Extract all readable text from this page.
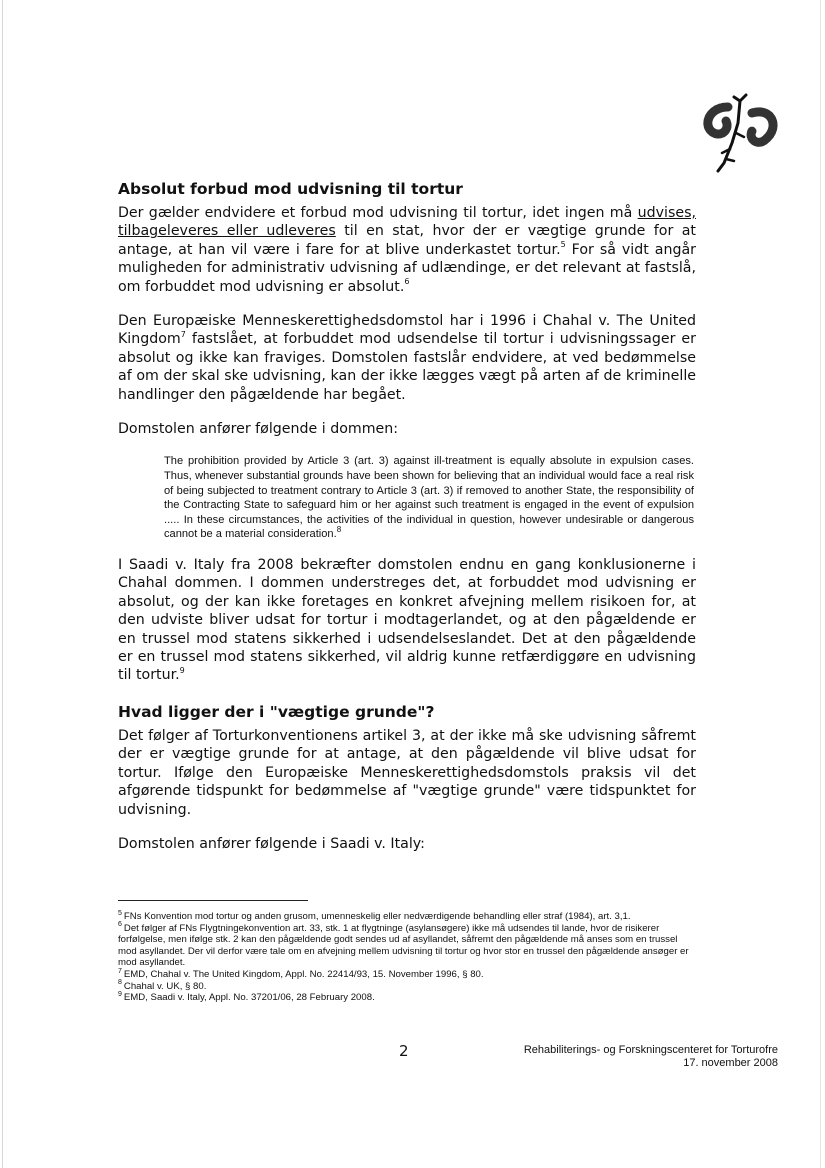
Absolut forbud mod udvisning til tortur

Der gælder endvidere et forbud mod udvisning til tortur, idet ingen må udvises, tilbageleveres eller udleveres til en stat, hvor der er vægtige grunde for at antage, at han vil være i fare for at blive underkastet tortur.$^5$ For så vidt angår muligheden for administrativ udvisning af udlændinge, er det relevant at fastslå, om forbuddet mod udvisning er absolut.$^6$

Den Europæiske Menneskerettighedsdomstol har i 1996 i Chahal v. The United Kingdom$^7$ fastslået, at forbuddet mod udsendelse til tortur i udvisningssager er absolut og ikke kan fraviges. Domstolen fastslår endvidere, at ved bedømmelse af om der skal ske udvisning, kan der ikke lægges vægt på arten af de kriminelle handlinger den pågældende har begået.

Domstolen anfører følgende i dommen:

The prohibition provided by Article 3 (art. 3) against ill-treatment is equally absolute in expulsion cases. Thus, whenever substantial grounds have been shown for believing that an individual would face a real risk of being subjected to treatment contrary to Article 3 (art. 3) if removed to another State, the responsibility of the Contracting State to safeguard him or her against such treatment is engaged in the event of expulsion ..... In these circumstances, the activities of the individual in question, however undesirable or dangerous cannot be a material consideration.$^8$

I Saadi v. Italy fra 2008 bekræfter domstolen endnu en gang konklusionerne i Chahal dommen. I dommen understreges det, at forbuddet mod udvisning er absolut, og der kan ikke foretages en konkret afvejning mellem risikoen for, at den udviste bliver udsat for tortur i modtagerlandet, og at den pågældende er en trussel mod statens sikkerhed i udsendelseslandet. Det at den pågældende er en trussel mod statens sikkerhed, vil aldrig kunne retfærdiggøre en udvisning til tortur.$^9$

Hvad ligger der i "vægtige grunde"?

Det følger af Torturkonventionens artikel 3, at der ikke må ske udvisning såfremt der er vægtige grunde for at antage, at den pågældende vil blive udsat for tortur. Ifølge den Europæiske Menneskerettighedsdomstols praksis vil det afgørende tidspunkt for bedømmelse af "vægtige grunde" være tidspunktet for udvisning.

Domstolen anfører følgende i Saadi v. Italy:

$^5$ FNs Konvention mod tortur og anden grusom, umenneskelig eller nedværdigende behandling eller straf (1984), art. 3,1.

$^6$ Det følger af FNs Flygtningekonvention art. 33, stk. 1 at flygtninge (asylansøgere) ikke må udsendes til lande, hvor de risikerer forfølgelse, men ifølge stk. 2 kan den pågældende godt sendes ud af asyllandet, såfremt den pågældende må anses som en trussel mod asyllandet. Der vil derfor være tale om en afvejning mellem udvisning til tortur og hvor stor en trussel den pågældende ansøger er mod asyllandet.

$^7$ EMD, Chahal v. The United Kingdom, Appl. No. 22414/93, 15. November 1996, § 80.

$^8$ Chahal v. UK, § 80.

$^9$ EMD, Saadi v. Italy, Appl. No. 37201/06, 28 February 2008.

2	Rehabiliterings- og Forskningscenteret for Torturofre
17. november 2008
